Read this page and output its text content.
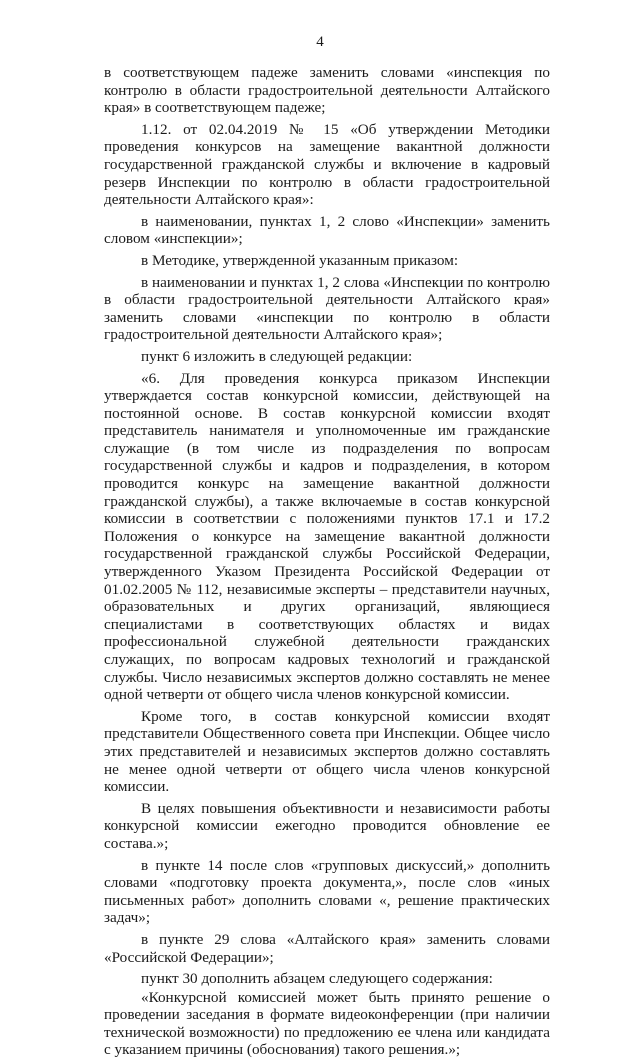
4

в соответствующем падеже заменить словами «инспекция по контролю в области градостроительной деятельности Алтайского края» в соответствующем падеже;

1.12. от 02.04.2019 № 15 «Об утверждении Методики проведения конкурсов на замещение вакантной должности государственной гражданской службы и включение в кадровый резерв Инспекции по контролю в области градостроительной деятельности Алтайского края»:

в наименовании, пунктах 1, 2 слово «Инспекции» заменить словом «инспекции»;

в Методике, утвержденной указанным приказом:

в наименовании и пунктах 1, 2 слова «Инспекции по контролю в области градостроительной деятельности Алтайского края» заменить словами «инспекции по контролю в области градостроительной деятельности Алтайского края»;

пункт 6 изложить в следующей редакции:

«6. Для проведения конкурса приказом Инспекции утверждается состав конкурсной комиссии, действующей на постоянной основе. В состав конкурсной комиссии входят представитель нанимателя и уполномоченные им гражданские служащие (в том числе из подразделения по вопросам государственной службы и кадров и подразделения, в котором проводится конкурс на замещение вакантной должности гражданской службы), а также включаемые в состав конкурсной комиссии в соответствии с положениями пунктов 17.1 и 17.2 Положения о конкурсе на замещение вакантной должности государственной гражданской службы Российской Федерации, утвержденного Указом Президента Российской Федерации от 01.02.2005 № 112, независимые эксперты – представители научных, образовательных и других организаций, являющиеся специалистами в соответствующих областях и видах профессиональной служебной деятельности гражданских служащих, по вопросам кадровых технологий и гражданской службы. Число независимых экспертов должно составлять не менее одной четверти от общего числа членов конкурсной комиссии.

Кроме того, в состав конкурсной комиссии входят представители Общественного совета при Инспекции. Общее число этих представителей и независимых экспертов должно составлять не менее одной четверти от общего числа членов конкурсной комиссии.

В целях повышения объективности и независимости работы конкурсной комиссии ежегодно проводится обновление ее состава.»;

в пункте 14 после слов «групповых дискуссий,» дополнить словами «подготовку проекта документа,», после слов «иных письменных работ» дополнить словами «, решение практических задач»;

в пункте 29 слова «Алтайского края» заменить словами «Российской Федерации»;

пункт 30 дополнить абзацем следующего содержания:

«Конкурсной комиссией может быть принято решение о проведении заседания в формате видеоконференции (при наличии технической возможности) по предложению ее члена или кандидата с указанием причины (обоснования) такого решения.»;
